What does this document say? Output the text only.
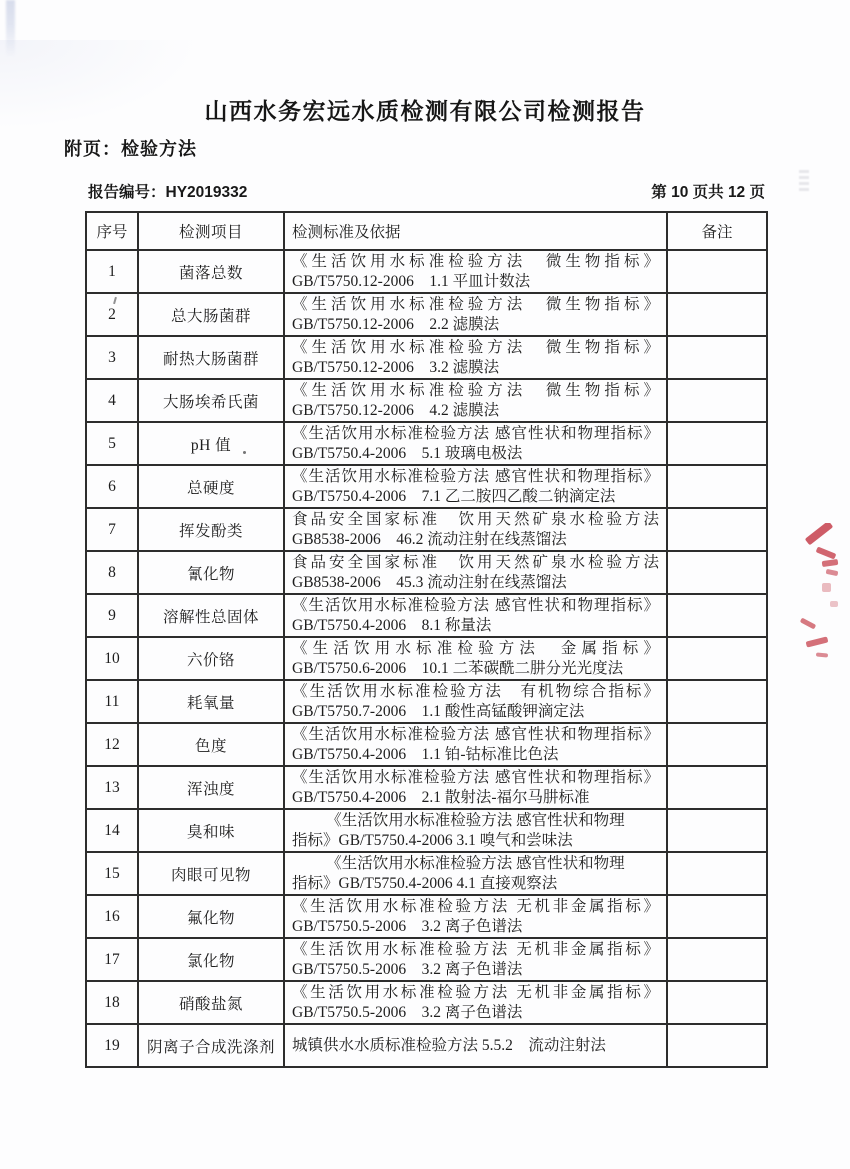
山西水务宏远水质检测有限公司检测报告
附页：检验方法
报告编号：HY2019332	第 10 页共 12 页
序号	检测项目	检测标准及依据	备注
1	菌落总数	《生活饮用水标准检验方法　微生物指标》
GB/T5750.12-2006　1.1 平皿计数法	

2	总大肠菌群	《生活饮用水标准检验方法　微生物指标》
GB/T5750.12-2006　2.2 滤膜法	

3	耐热大肠菌群	《生活饮用水标准检验方法　微生物指标》
GB/T5750.12-2006　3.2 滤膜法	

4	大肠埃希氏菌	《生活饮用水标准检验方法　微生物指标》
GB/T5750.12-2006　4.2 滤膜法	

5	pH 值	《生活饮用水标准检验方法 感官性状和物理指标》
GB/T5750.4-2006　5.1 玻璃电极法	

6	总硬度	《生活饮用水标准检验方法 感官性状和物理指标》
GB/T5750.4-2006　7.1 乙二胺四乙酸二钠滴定法	

7	挥发酚类	食品安全国家标准　饮用天然矿泉水检验方法
GB8538-2006　46.2 流动注射在线蒸馏法	

8	氰化物	食品安全国家标准　饮用天然矿泉水检验方法
GB8538-2006　45.3 流动注射在线蒸馏法	

9	溶解性总固体	《生活饮用水标准检验方法 感官性状和物理指标》
GB/T5750.4-2006　8.1 称量法	

10	六价铬	《生活饮用水标准检验方法　金属指标》
GB/T5750.6-2006　10.1 二苯碳酰二肼分光光度法	

11	耗氧量	《生活饮用水标准检验方法　有机物综合指标》
GB/T5750.7-2006　1.1 酸性高锰酸钾滴定法	

12	色度	《生活饮用水标准检验方法 感官性状和物理指标》
GB/T5750.4-2006　1.1 铂-钴标准比色法	

13	浑浊度	《生活饮用水标准检验方法 感官性状和物理指标》
GB/T5750.4-2006　2.1 散射法-福尔马肼标准	

14	臭和味	《生活饮用水标准检验方法 感官性状和物理
指标》GB/T5750.4-2006 3.1 嗅气和尝味法	

15	肉眼可见物	《生活饮用水标准检验方法 感官性状和物理
指标》GB/T5750.4-2006 4.1 直接观察法	

16	氟化物	《生活饮用水标准检验方法 无机非金属指标》
GB/T5750.5-2006　3.2 离子色谱法	

17	氯化物	《生活饮用水标准检验方法 无机非金属指标》
GB/T5750.5-2006　3.2 离子色谱法	

18	硝酸盐氮	《生活饮用水标准检验方法 无机非金属指标》
GB/T5750.5-2006　3.2 离子色谱法	

19	阴离子合成洗涤剂	城镇供水水质标准检验方法 5.5.2　流动注射法	
